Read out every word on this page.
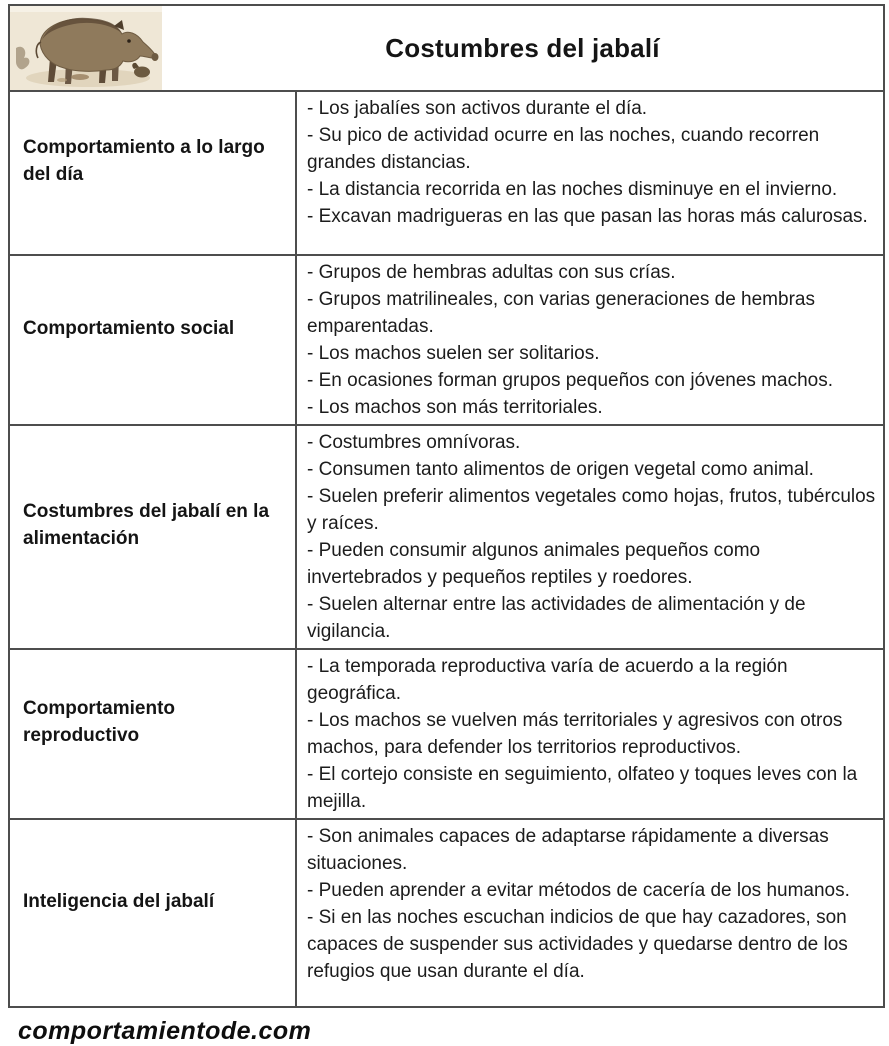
Costumbres del jabalí
Comportamiento a lo largo del día

- Los jabalíes son activos durante el día.

- Su pico de actividad ocurre en las noches, cuando recorren grandes distancias.

- La distancia recorrida en las noches disminuye en el invierno.

- Excavan madrigueras en las que pasan las horas más calurosas.

Comportamiento social

- Grupos de hembras adultas con sus crías.

- Grupos matrilineales, con varias generaciones de hembras emparentadas.

- Los machos suelen ser solitarios.

- En ocasiones forman grupos pequeños con jóvenes machos.

- Los machos son más territoriales.

Costumbres del jabalí en la alimentación

- Costumbres omnívoras.

- Consumen tanto alimentos de origen vegetal como animal.

- Suelen preferir alimentos vegetales como hojas, frutos, tubérculos y raíces.

- Pueden consumir algunos animales pequeños como invertebrados y pequeños reptiles y roedores.

- Suelen alternar entre las actividades de alimentación y de vigilancia.

Comportamiento reproductivo

- La temporada reproductiva varía de acuerdo a la región geográfica.

- Los machos se vuelven más territoriales y agresivos con otros machos, para defender los territorios reproductivos.

- El cortejo consiste en seguimiento, olfateo y toques leves con la mejilla.

Inteligencia del jabalí

- Son animales capaces de adaptarse rápidamente a diversas situaciones.

- Pueden aprender a evitar métodos de cacería de los humanos.

- Si en las noches escuchan indicios de que hay cazadores, son capaces de suspender sus actividades y quedarse dentro de los refugios que usan durante el día.

comportamientode.com
